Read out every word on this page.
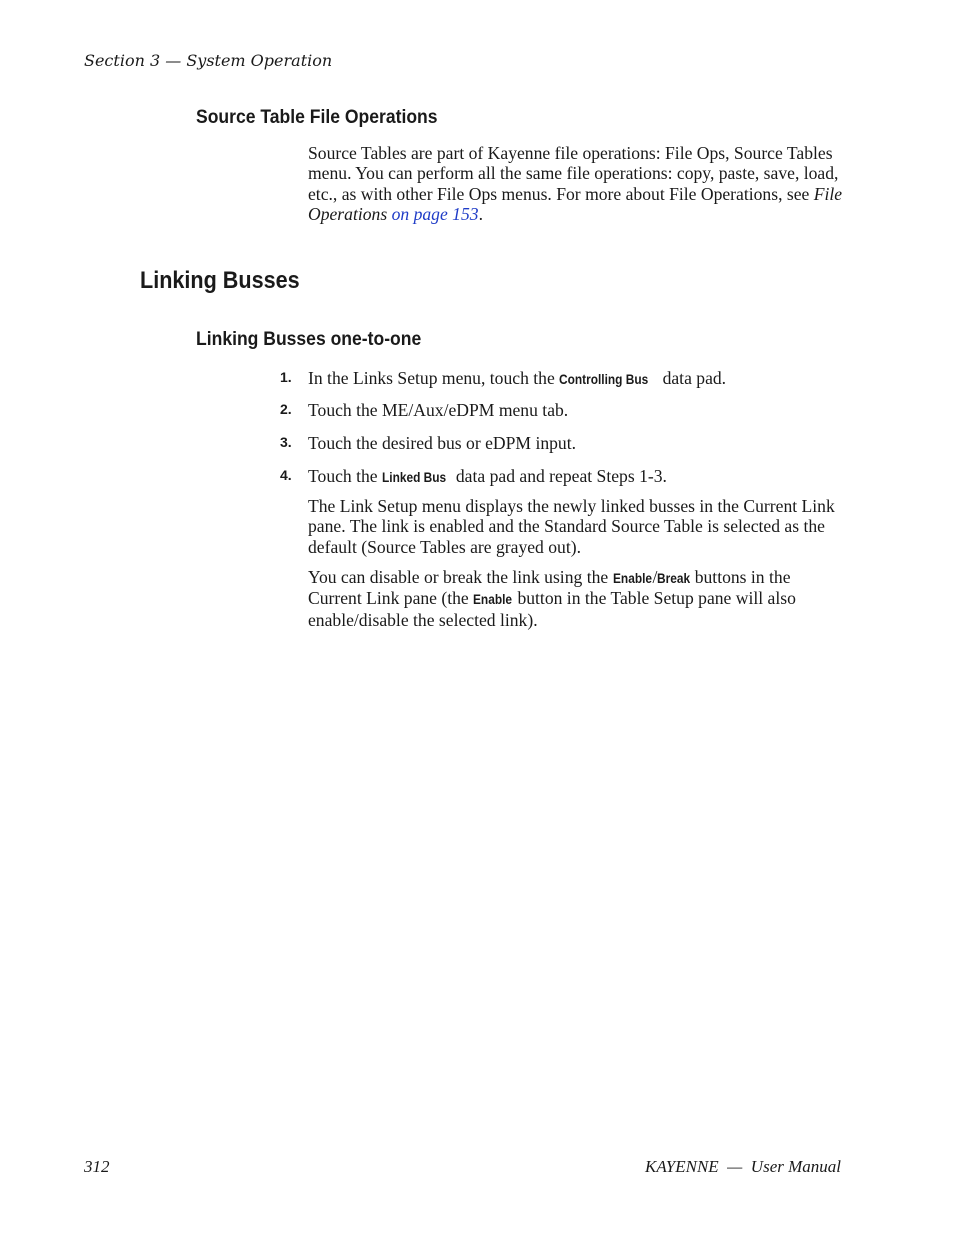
Section 3 — System Operation
Source Table File Operations

Source Tables are part of Kayenne file operations: File Ops, Source Tables menu. You can perform all the same file operations: copy, paste, save, load, etc., as with other File Ops menus. For more about File Operations, see File Operations on page 153.

Linking Busses
Linking Busses one-to-one
1. In the Links Setup menu, touch the Controlling Bus data pad.
2. Touch the ME/Aux/eDPM menu tab.
3. Touch the desired bus or eDPM input.
4. Touch the Linked Bus data pad and repeat Steps 1-3.

The Link Setup menu displays the newly linked busses in the Current Link pane. The link is enabled and the Standard Source Table is selected as the default (Source Tables are grayed out).

You can disable or break the link using the Enable/Break buttons in the Current Link pane (the Enable button in the Table Setup pane will also enable/disable the selected link).

312	KAYENNE  —  User Manual
